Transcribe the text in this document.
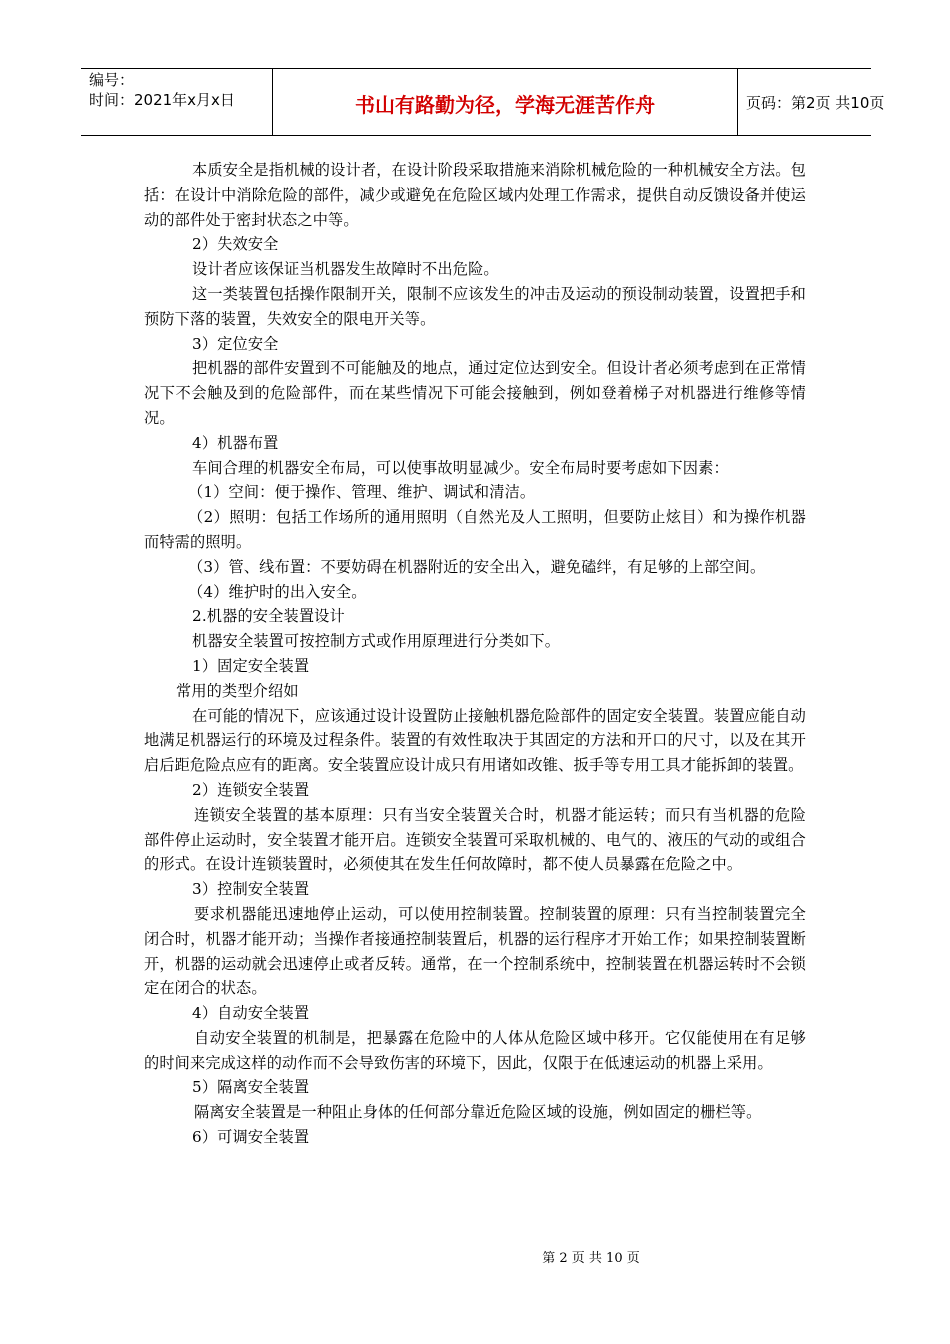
编号：
时间：2021年x月x日	书山有路勤为径，学海无涯苦作舟	页码：第2页 共10页

本质安全是指机械的设计者，在设计阶段采取措施来消除机械危险的一种机械安全方法。包括：在设计中消除危险的部件，减少或避免在危险区域内处理工作需求，提供自动反馈设备并使运动的部件处于密封状态之中等。

2）失效安全

设计者应该保证当机器发生故障时不出危险。

这一类装置包括操作限制开关，限制不应该发生的冲击及运动的预设制动装置，设置把手和预防下落的装置，失效安全的限电开关等。

3）定位安全

把机器的部件安置到不可能触及的地点，通过定位达到安全。但设计者必须考虑到在正常情况下不会触及到的危险部件，而在某些情况下可能会接触到，例如登着梯子对机器进行维修等情况。

4）机器布置

车间合理的机器安全布局，可以使事故明显减少。安全布局时要考虑如下因素：

（1）空间：便于操作、管理、维护、调试和清洁。

（2）照明：包括工作场所的通用照明（自然光及人工照明，但要防止炫目）和为操作机器而特需的照明。

（3）管、线布置：不要妨碍在机器附近的安全出入，避免磕绊，有足够的上部空间。

（4）维护时的出入安全。

2.机器的安全装置设计

机器安全装置可按控制方式或作用原理进行分类如下。

1）固定安全装置

常用的类型介绍如

在可能的情况下，应该通过设计设置防止接触机器危险部件的固定安全装置。装置应能自动地满足机器运行的环境及过程条件。装置的有效性取决于其固定的方法和开口的尺寸，以及在其开启后距危险点应有的距离。安全装置应设计成只有用诸如改锥、扳手等专用工具才能拆卸的装置。

2）连锁安全装置

连锁安全装置的基本原理：只有当安全装置关合时，机器才能运转；而只有当机器的危险部件停止运动时，安全装置才能开启。连锁安全装置可采取机械的、电气的、液压的气动的或组合的形式。在设计连锁装置时，必须使其在发生任何故障时，都不使人员暴露在危险之中。

3）控制安全装置

要求机器能迅速地停止运动，可以使用控制装置。控制装置的原理：只有当控制装置完全闭合时，机器才能开动；当操作者接通控制装置后，机器的运行程序才开始工作；如果控制装置断开，机器的运动就会迅速停止或者反转。通常，在一个控制系统中，控制装置在机器运转时不会锁定在闭合的状态。

4）自动安全装置

自动安全装置的机制是，把暴露在危险中的人体从危险区域中移开。它仅能使用在有足够的时间来完成这样的动作而不会导致伤害的环境下，因此，仅限于在低速运动的机器上采用。

5）隔离安全装置

隔离安全装置是一种阻止身体的任何部分靠近危险区域的设施，例如固定的栅栏等。

6）可调安全装置

第 2 页 共 10 页
